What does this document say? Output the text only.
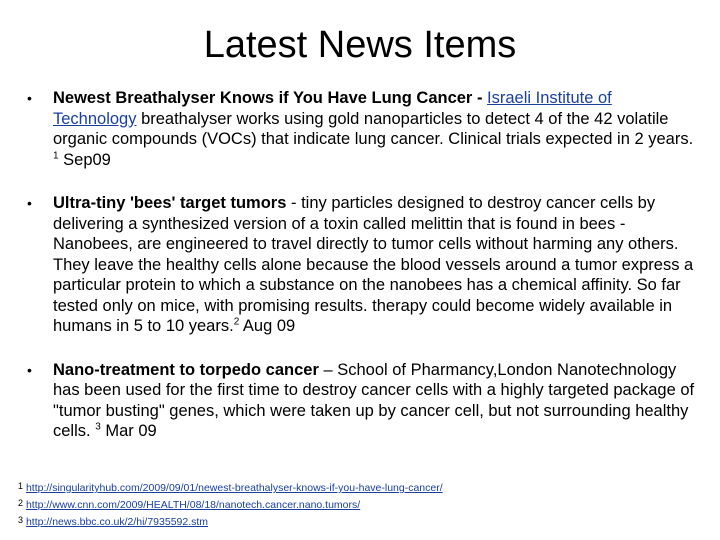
Latest News Items
• Newest Breathalyser Knows if You Have Lung Cancer - Israeli Institute of Technology breathalyser works using gold nanoparticles to detect 4 of the 42 volatile organic compounds (VOCs) that indicate lung cancer. Clinical trials expected in 2 years. $^1$ Sep09
• Ultra-tiny 'bees' target tumors - tiny particles designed to destroy cancer cells by delivering a synthesized version of a toxin called melittin that is found in bees - Nanobees, are engineered to travel directly to tumor cells without harming any others. They leave the healthy cells alone because the blood vessels around a tumor express a particular protein to which a substance on the nanobees has a chemical affinity. So far tested only on mice, with promising results. therapy could become widely available in humans in 5 to 10 years.$^2$ Aug 09
• Nano-treatment to torpedo cancer – School of Pharmancy,London Nanotechnology has been used for the first time to destroy cancer cells with a highly targeted package of "tumor busting" genes, which were taken up by cancer cell, but not surrounding healthy cells. $^3$ Mar 09
1 http://singularityhub.com/2009/09/01/newest-breathalyser-knows-if-you-have-lung-cancer/
2 http://www.cnn.com/2009/HEALTH/08/18/nanotech.cancer.nano.tumors/
3 http://news.bbc.co.uk/2/hi/7935592.stm
